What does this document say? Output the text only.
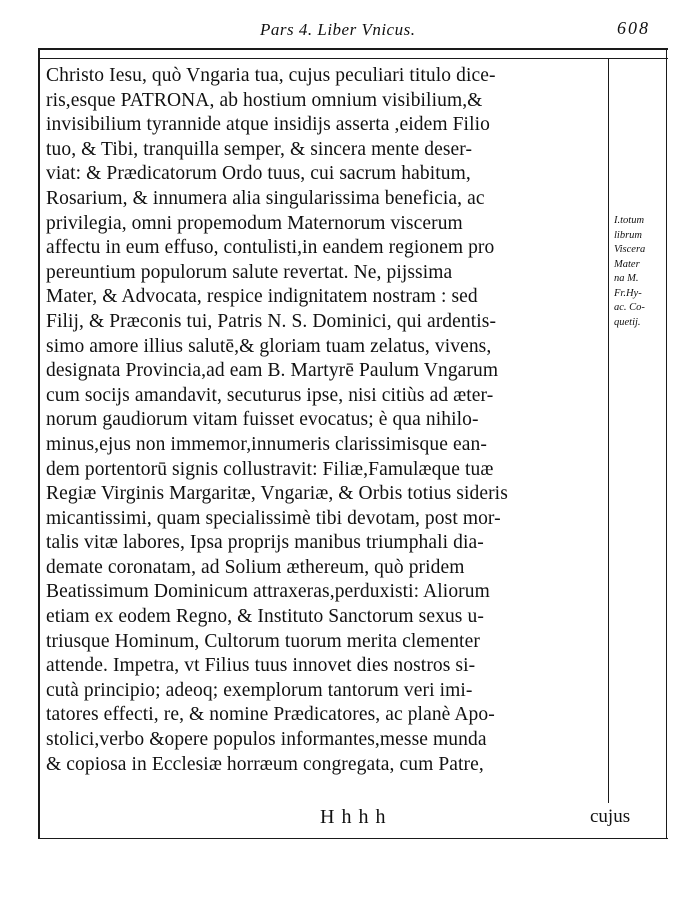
Pars 4. Liber Vnicus.	608
Christo Iesu, quò Vngaria tua, cujus peculiari titulo dice-
ris,esque PATRONA, ab hostium omnium visibilium,&
invisibilium tyrannide atque insidijs asserta ,eidem Filio
tuo, & Tibi, tranquilla semper, & sincera mente deser-
viat: & Prædicatorum Ordo tuus, cui sacrum habitum,
Rosarium, & innumera alia singularissima beneficia, ac
privilegia, omni propemodum Maternorum viscerum
affectu in eum effuso, contulisti,in eandem regionem pro
pereuntium populorum salute revertat. Ne, pijssima
Mater, & Advocata, respice indignitatem nostram : sed
Filij, & Præconis tui, Patris N. S. Dominici, qui ardentis-
simo amore illius salutē,& gloriam tuam zelatus, vivens,
designata Provincia,ad eam B. Martyrē Paulum Vngarum
cum socijs amandavit, secuturus ipse, nisi citiùs ad æter-
norum gaudiorum vitam fuisset evocatus; è qua nihilo-
minus,ejus non immemor,innumeris clarissimisque ean-
dem portentorū signis collustravit: Filiæ,Famulæque tuæ
Regiæ Virginis Margaritæ, Vngariæ, & Orbis totius sideris
micantissimi, quam specialissimè tibi devotam, post mor-
talis vitæ labores, Ipsa proprijs manibus triumphali dia-
demate coronatam, ad Solium æthereum, quò pridem
Beatissimum Dominicum attraxeras,perduxisti: Aliorum
etiam ex eodem Regno, & Instituto Sanctorum sexus u-
triusque Hominum, Cultorum tuorum merita clementer
attende. Impetra, vt Filius tuus innovet dies nostros si-
cutà principio; adeoq; exemplorum tantorum veri imi-
tatores effecti, re, & nomine Prædicatores, ac planè Apo-
stolici,verbo &opere populos informantes,messe munda
& copiosa in Ecclesiæ horræum congregata, cum Patre,
I.totum
librum
Viscera
Mater
na M.
Fr.Hy-
ac. Co-
quetij.
Hhhh	cujus
